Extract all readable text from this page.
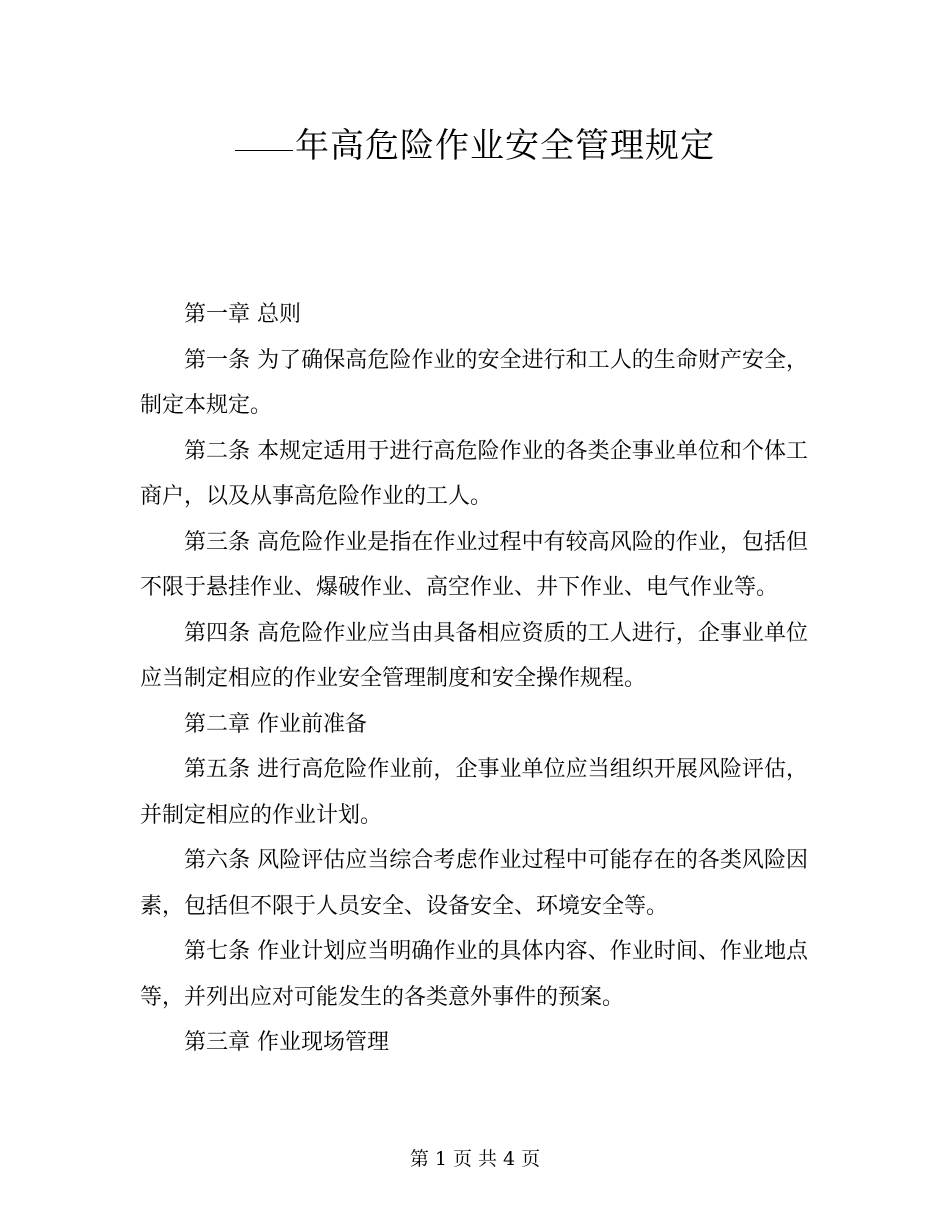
年高危险作业安全管理规定

第一章 总则

第一条 为了确保高危险作业的安全进行和工人的生命财产安全，制定本规定。

第二条 本规定适用于进行高危险作业的各类企事业单位和个体工商户，以及从事高危险作业的工人。

第三条 高危险作业是指在作业过程中有较高风险的作业，包括但不限于悬挂作业、爆破作业、高空作业、井下作业、电气作业等。

第四条 高危险作业应当由具备相应资质的工人进行，企事业单位应当制定相应的作业安全管理制度和安全操作规程。

第二章 作业前准备

第五条 进行高危险作业前，企事业单位应当组织开展风险评估，并制定相应的作业计划。

第六条 风险评估应当综合考虑作业过程中可能存在的各类风险因素，包括但不限于人员安全、设备安全、环境安全等。

第七条 作业计划应当明确作业的具体内容、作业时间、作业地点等，并列出应对可能发生的各类意外事件的预案。

第三章 作业现场管理

第 1 页 共 4 页
